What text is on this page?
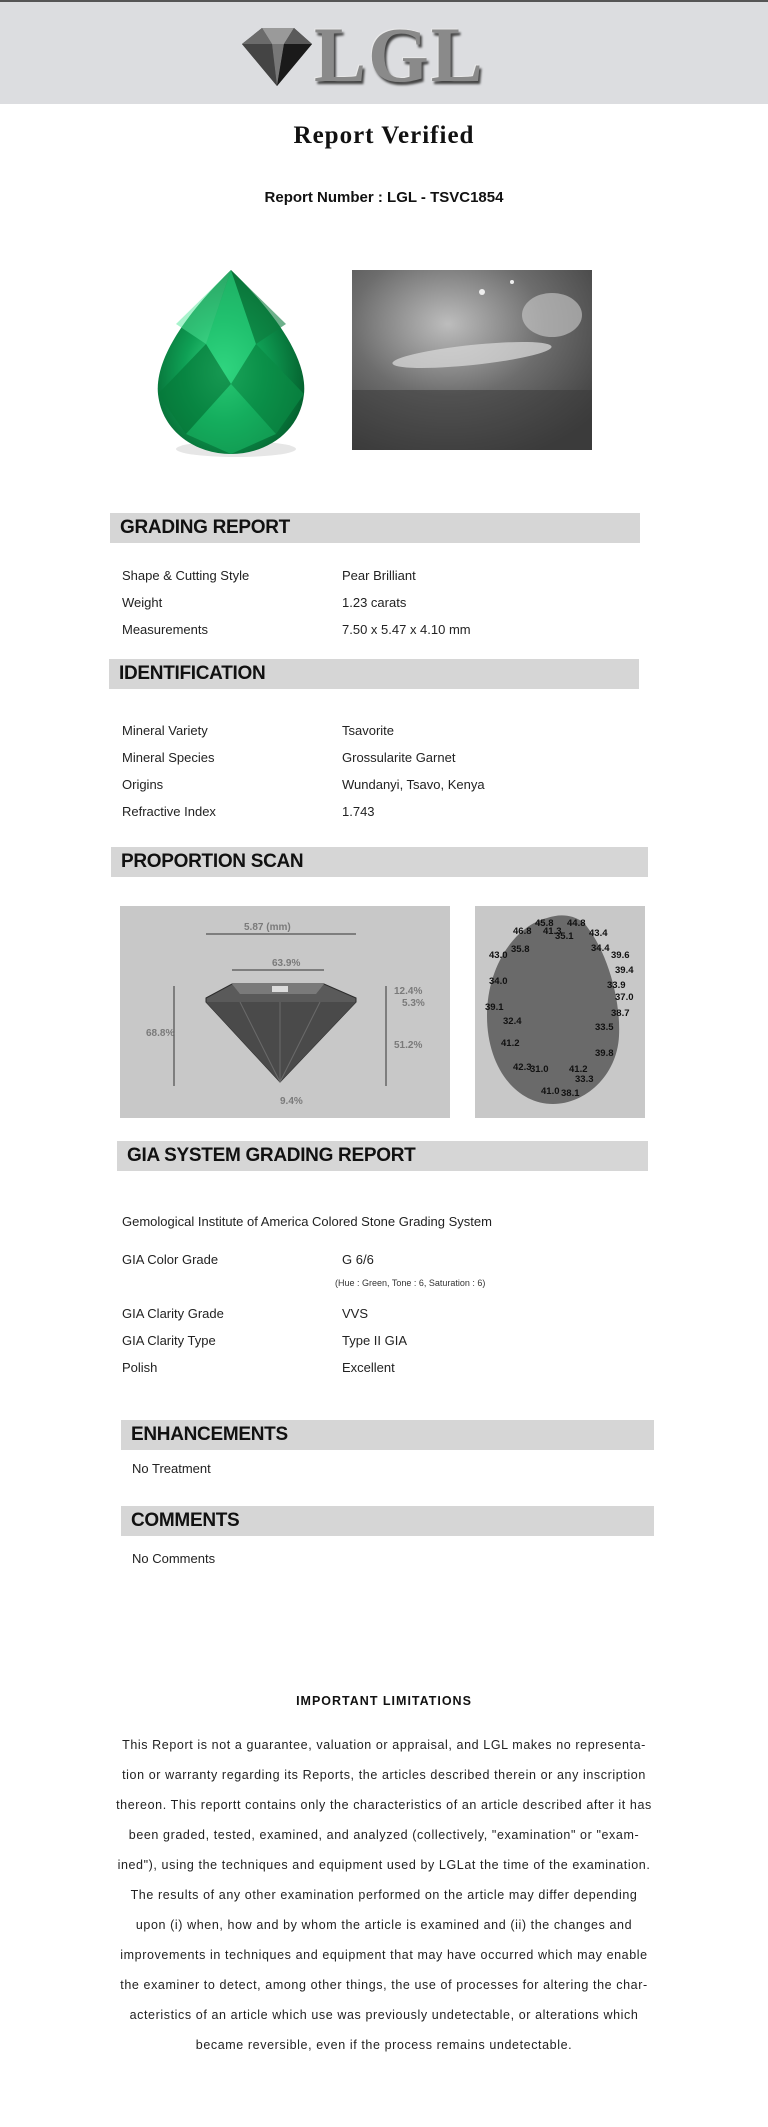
LGL
Report Verified
Report Number : LGL - TSVC1854
GRADING REPORT
Shape & Cutting Style	Pear Brilliant
Weight	1.23 carats
Measurements	7.50 x 5.47 x 4.10 mm
IDENTIFICATION
Mineral Variety	Tsavorite
Mineral Species	Grossularite Garnet
Origins	Wundanyi, Tsavo, Kenya
Refractive Index	1.743
PROPORTION SCAN
5.87 (mm)
63.9%
68.8%
12.4%
5.3%
51.2%
9.4%
45.8 44.8
46.8 41.3
35.1 43.4
35.8	34.4
43.0	39.6
39.4
34.0	33.9
37.0
39.1
38.7
32.4
33.5
41.2
39.8
42.3
31.0 41.2
33.3
41.0 38.1
GIA SYSTEM GRADING REPORT
Gemological Institute of America Colored Stone Grading System
GIA Color Grade	G 6/6
(Hue : Green, Tone : 6, Saturation : 6)
GIA Clarity Grade	VVS
GIA Clarity Type	Type II GIA
Polish	Excellent
ENHANCEMENTS
No Treatment
COMMENTS
No Comments
IMPORTANT LIMITATIONS
This Report is not a guarantee, valuation or appraisal, and LGL makes no representa-
tion or warranty regarding its Reports, the articles described therein or any inscription
thereon. This reportt contains only the characteristics of an article described after it has
been graded, tested, examined, and analyzed (collectively, "examination" or "exam-
ined"), using the techniques and equipment used by LGLat the time of the examination.
The results of any other examination performed on the article may differ depending
upon (i) when, how and by whom the article is examined and (ii) the changes and
improvements in techniques and equipment that may have occurred which may enable
the examiner to detect, among other things, the use of processes for altering the char-
acteristics of an article which use was previously undetectable, or alterations which
became reversible, even if the process remains undetectable.
